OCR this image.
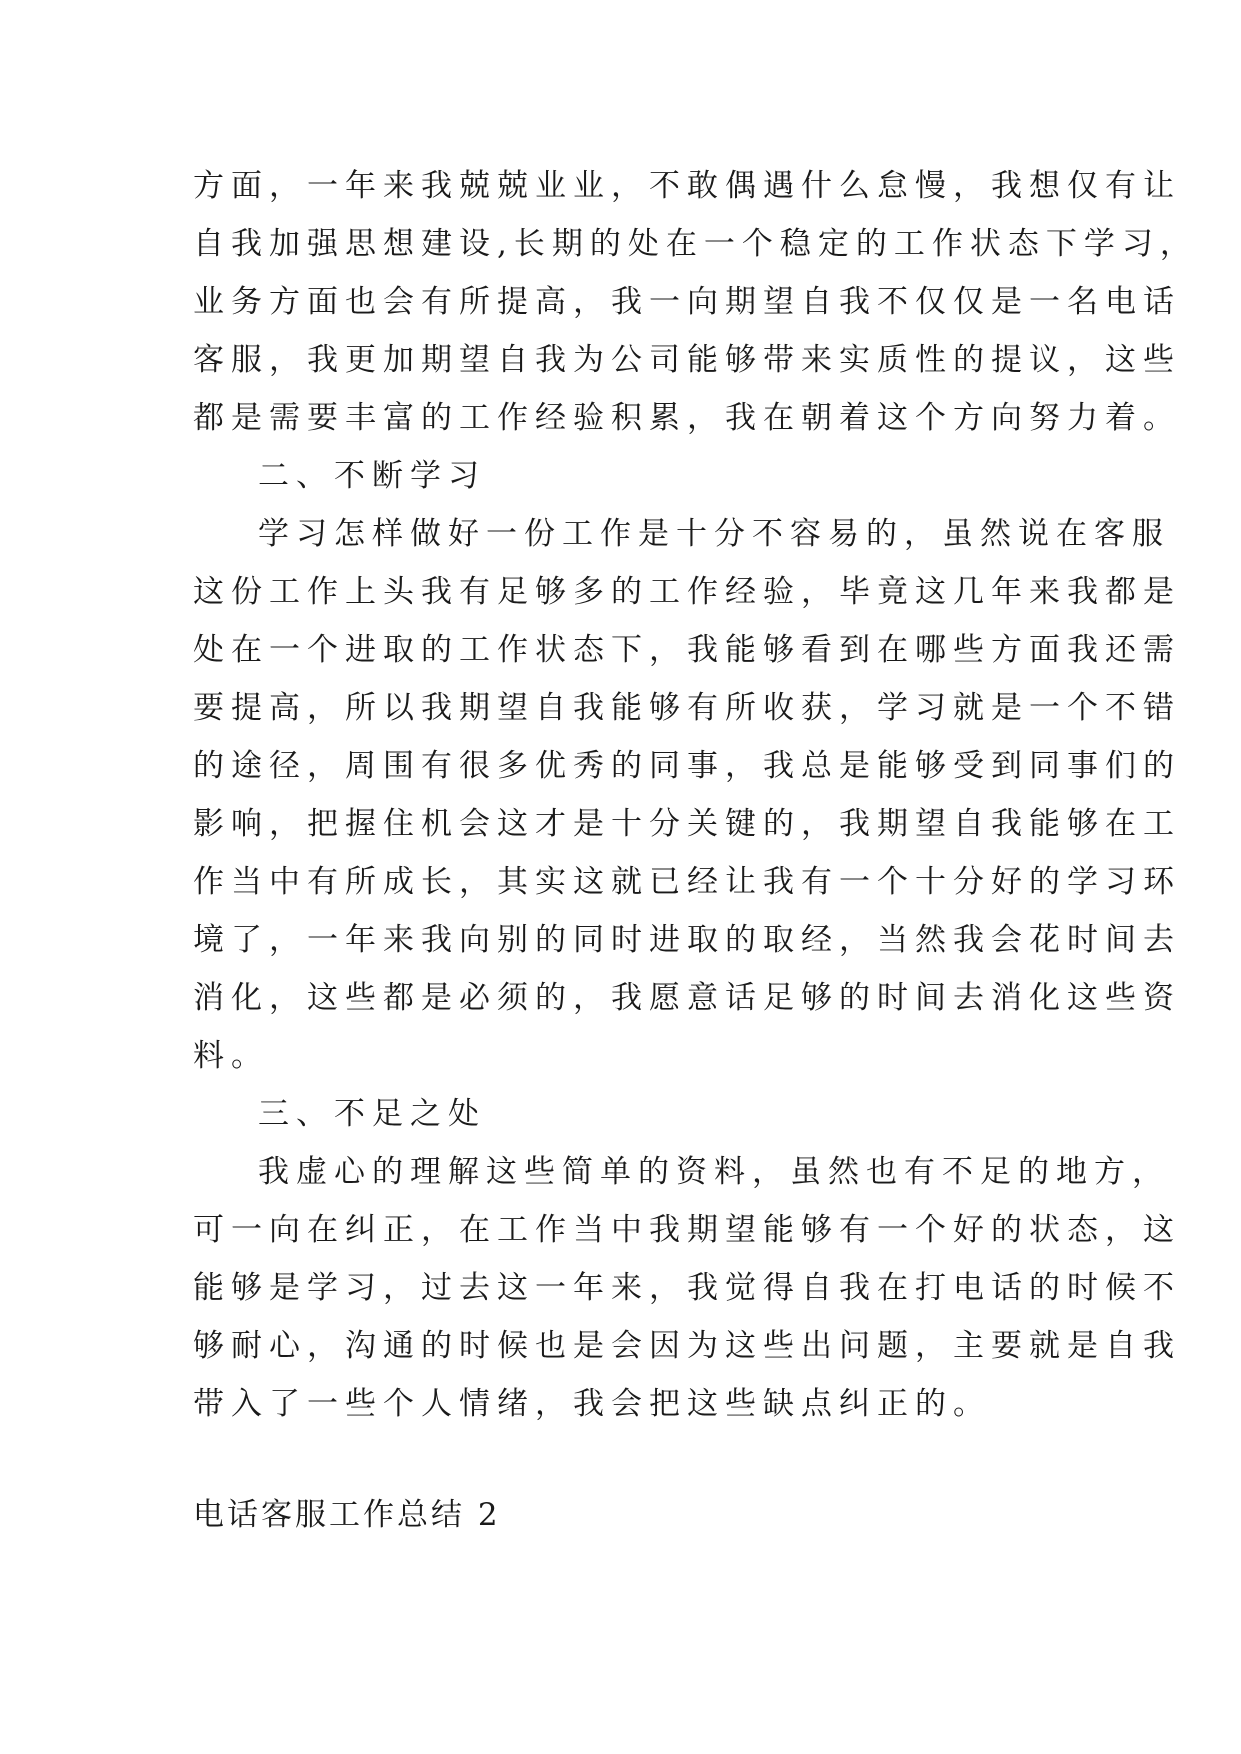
方面，一年来我兢兢业业，不敢偶遇什么怠慢，我想仅有让
自我加强思想建设,长期的处在一个稳定的工作状态下学习，
业务方面也会有所提高，我一向期望自我不仅仅是一名电话
客服，我更加期望自我为公司能够带来实质性的提议，这些
都是需要丰富的工作经验积累，我在朝着这个方向努力着。
二、不断学习
学习怎样做好一份工作是十分不容易的，虽然说在客服
这份工作上头我有足够多的工作经验，毕竟这几年来我都是
处在一个进取的工作状态下，我能够看到在哪些方面我还需
要提高，所以我期望自我能够有所收获，学习就是一个不错
的途径，周围有很多优秀的同事，我总是能够受到同事们的
影响，把握住机会这才是十分关键的，我期望自我能够在工
作当中有所成长，其实这就已经让我有一个十分好的学习环
境了，一年来我向别的同时进取的取经，当然我会花时间去
消化，这些都是必须的，我愿意话足够的时间去消化这些资
料。
三、不足之处
我虚心的理解这些简单的资料，虽然也有不足的地方，
可一向在纠正，在工作当中我期望能够有一个好的状态，这
能够是学习，过去这一年来，我觉得自我在打电话的时候不
够耐心，沟通的时候也是会因为这些出问题，主要就是自我
带入了一些个人情绪，我会把这些缺点纠正的。
电话客服工作总结 2
